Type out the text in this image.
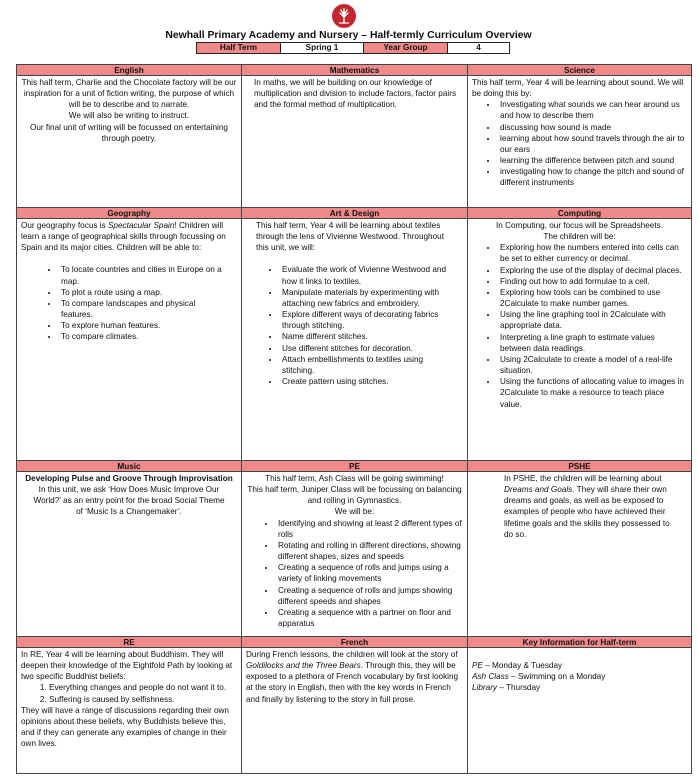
Newhall Primary Academy and Nursery – Half-termly Curriculum Overview
Half Term	Spring 1	Year Group	4
English

This half term, Charlie and the Chocolate factory will be our inspiration for a unit of fiction writing, the purpose of which will be to describe and to narrate.

We will also be writing to instruct.

Our final unit of writing will be focussed on entertaining through poetry.

Mathematics

In maths, we will be building on our knowledge of multiplication and division to include factors, factor pairs and the formal method of multiplication.

Science

This half term, Year 4 will be learning about sound. We will be doing this by:

• Investigating what sounds we can hear around us and how to describe them
• discussing how sound is made
• learning about how sound travels through the air to our ears
• learning the difference between pitch and sound
• investigating how to change the pitch and sound of different instruments
Geography

Our geography focus is Spectacular Spain! Children will learn a range of geographical skills through focussing on Spain and its major cities. Children will be able to:

• To locate countries and cities in Europe on a map.
• To plot a route using a map.
• To compare landscapes and physical features.
• To explore human features.
• To compare climates.
Art & Design

This half term, Year 4 will be learning about textiles through the lens of Vivienne Westwood. Throughout this unit, we will:

• Evaluate the work of Vivienne Westwood and how it links to textiles.
• Manipulate materials by experimenting with attaching new fabrics and embroidery.
• Explore different ways of decorating fabrics through stitching.
• Name different stitches.
• Use different stitches for decoration.
• Attach embellishments to textiles using stitching.
• Create pattern using stitches.
Computing

In Computing, our focus will be Spreadsheets.

The children will be:

• Exploring how the numbers entered into cells can be set to either currency or decimal.
• Exploring the use of the display of decimal places.
• Finding out how to add formulae to a cell.
• Exploring how tools can be combined to use 2Calculate to make number games.
• Using the line graphing tool in 2Calculate with appropriate data.
• Interpreting a line graph to estimate values between data readings.
• Using 2Calculate to create a model of a real-life situation.
• Using the functions of allocating value to images in 2Calculate to make a resource to teach place value.
Music

Developing Pulse and Groove Through Improvisation

In this unit, we ask ‘How Does Music Improve Our World?’ as an entry point for the broad Social Theme of ‘Music Is a Changemaker’.

PE

This half term, Ash Class will be going swimming!

This half term, Juniper Class will be focussing on balancing and rolling in Gymnastics.

We will be:

• Identifying and showing at least 2 different types of rolls
• Rotating and rolling in different directions, showing different shapes, sizes and speeds
• Creating a sequence of rolls and jumps using a variety of linking movements
• Creating a sequence of rolls and jumps showing different speeds and shapes
• Creating a sequence with a partner on floor and apparatus
PSHE

In PSHE, the children will be learning about Dreams and Goals. They will share their own dreams and goals, as well as be exposed to examples of people who have achieved their lifetime goals and the skills they possessed to do so.

RE

In RE, Year 4 will be learning about Buddhism. They will deepen their knowledge of the Eightfold Path by looking at two specific Buddhist beliefs:

1. Everything changes and people do not want it to.
2. Suffering is caused by selfishness.

They will have a range of discussions regarding their own opinions about these beliefs, why Buddhists believe this, and if they can generate any examples of change in their own lives.

French

During French lessons, the children will look at the story of Goldilocks and the Three Bears. Through this, they will be exposed to a plethora of French vocabulary by first looking at the story in English, then with the key words in French and finally by listening to the story in full prose.

Key Information for Half-term

PE – Monday & Tuesday

Ash Class – Swimming on a Monday

Library – Thursday
